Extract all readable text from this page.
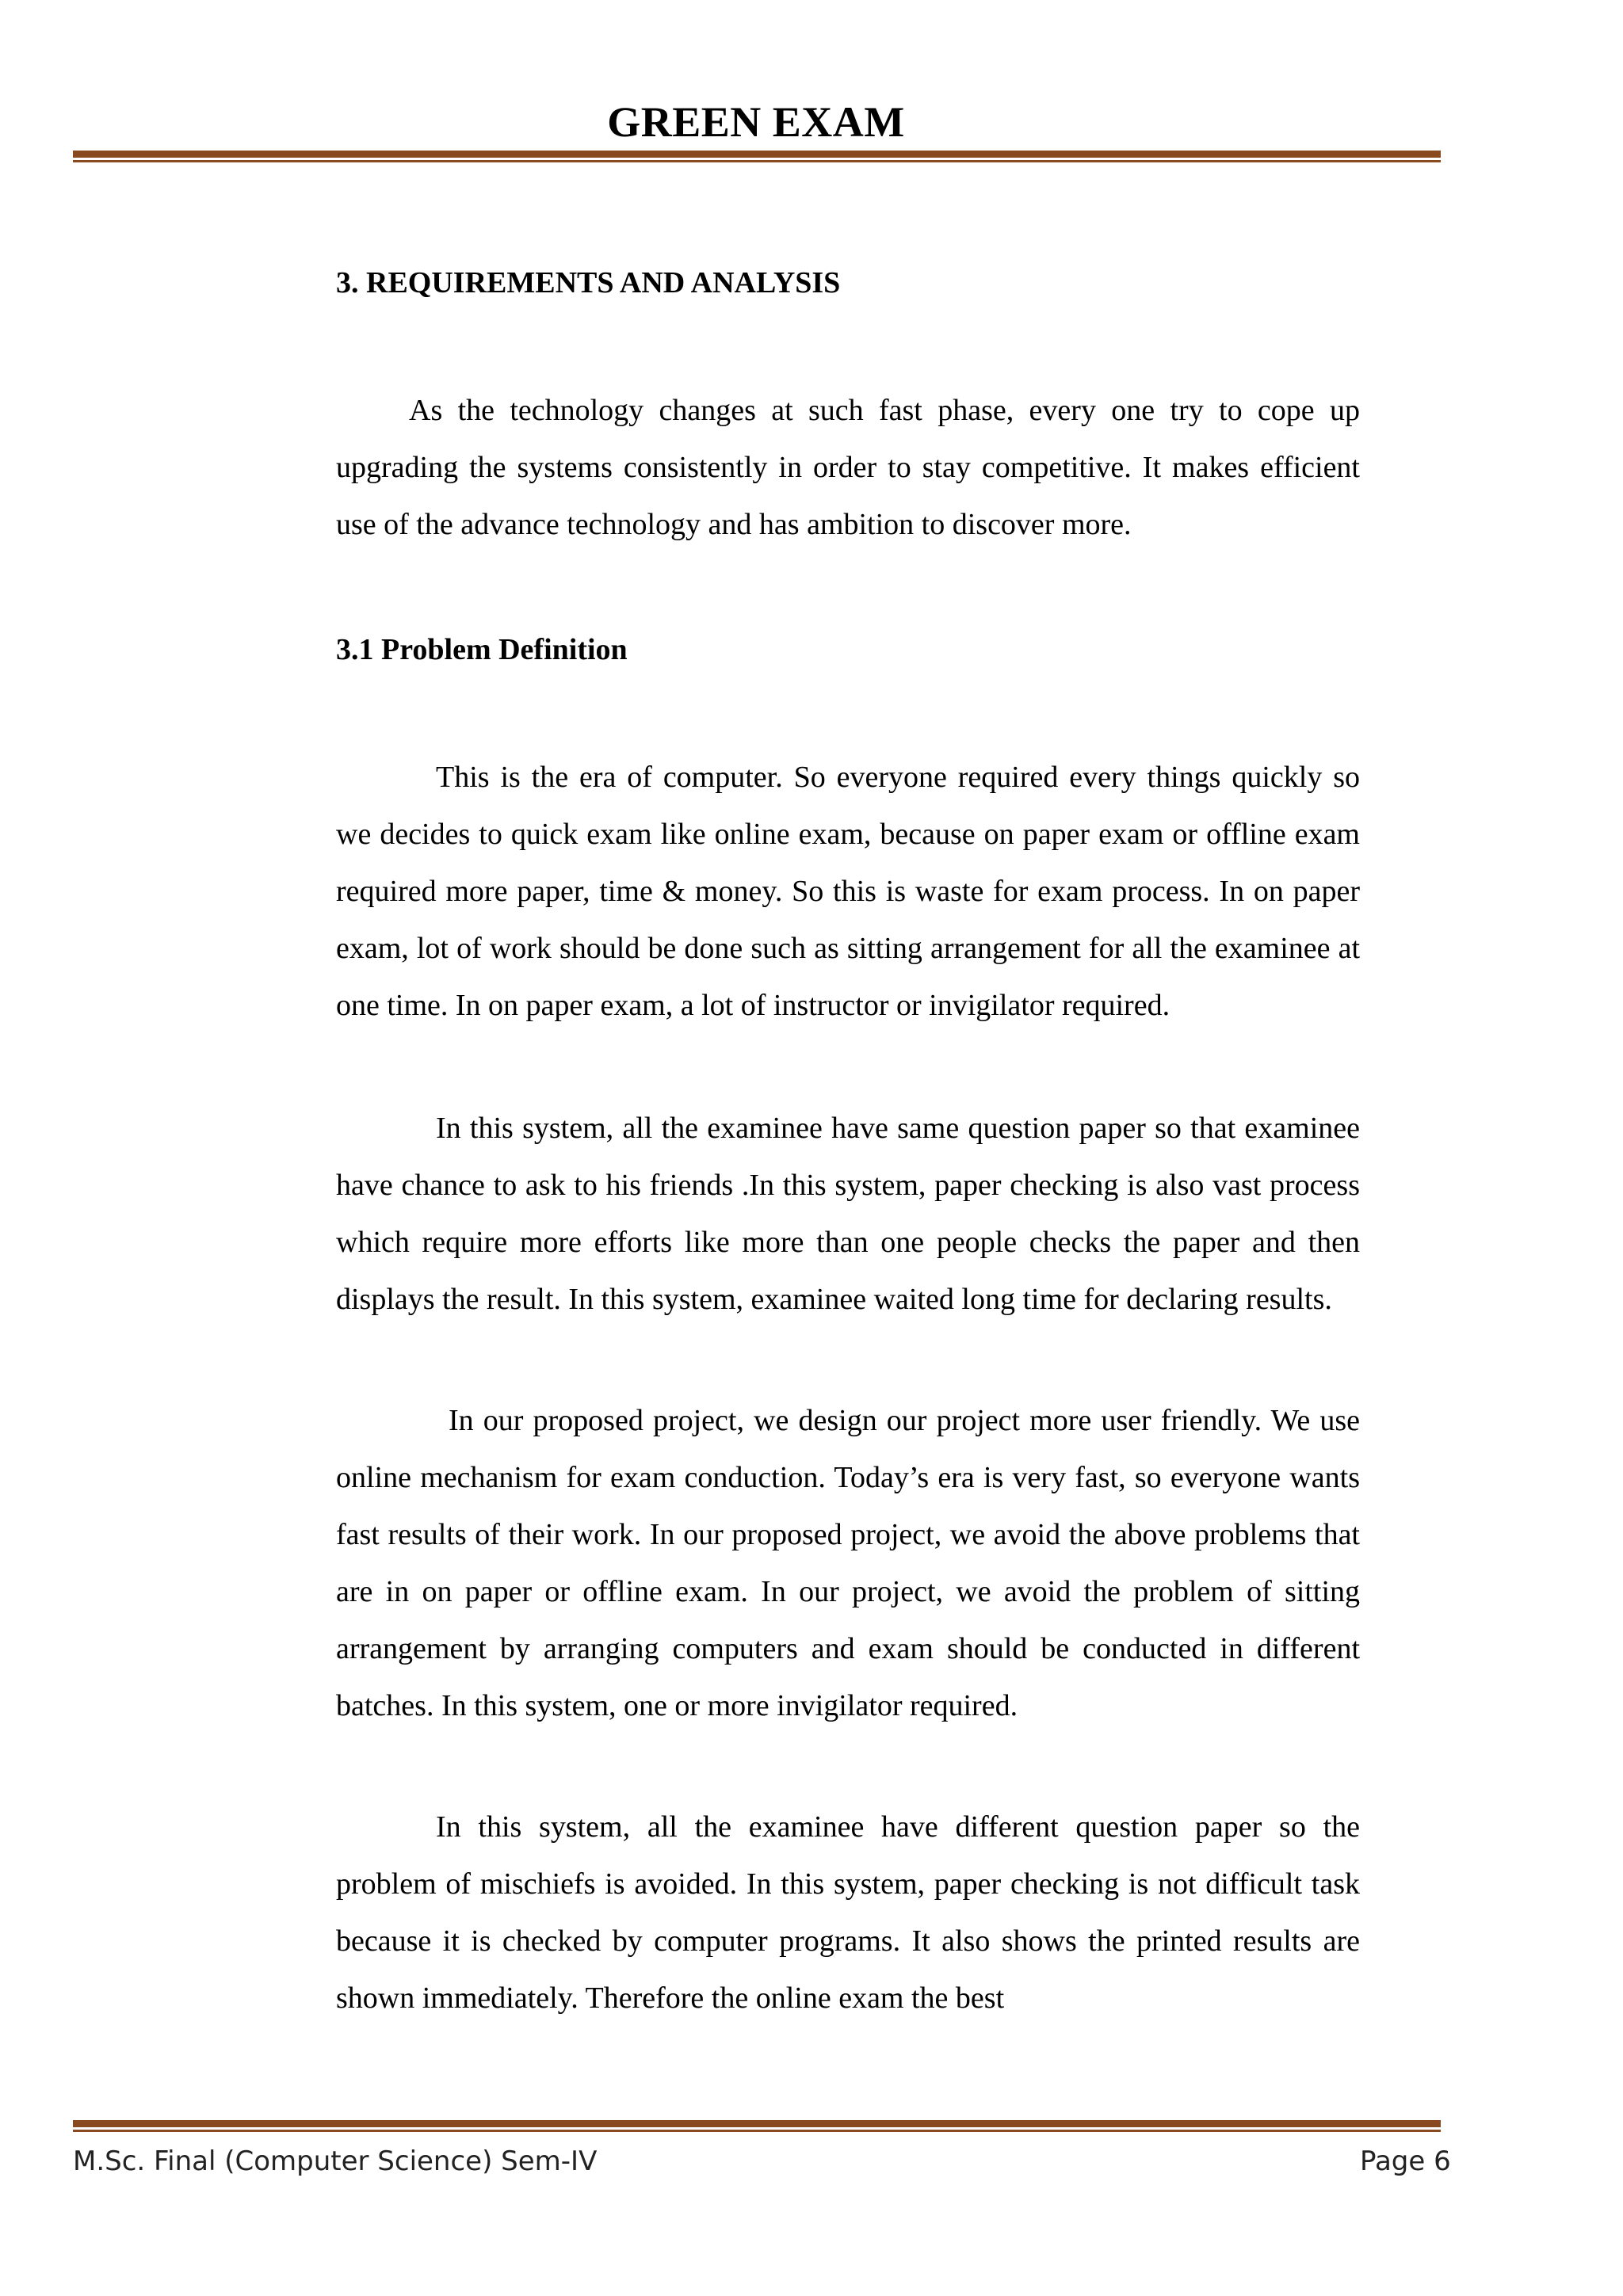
GREEN EXAM
3. REQUIREMENTS AND ANALYSIS

As the technology changes at such fast phase, every one try to cope up upgrading the systems consistently in order to stay competitive. It makes efficient use of the advance technology and has ambition to discover more.

3.1 Problem Definition

This is the era of computer. So everyone required every things quickly so we decides to quick exam like online exam, because on paper exam or offline exam required more paper, time & money. So this is waste for exam process. In on paper exam, lot of work should be done such as sitting arrangement for all the examinee at one time. In on paper exam, a lot of instructor or invigilator required.

In this system, all the examinee have same question paper so that examinee have chance to ask to his friends .In this system, paper checking is also vast process which require more efforts like more than one people checks the paper and then displays the result. In this system, examinee waited long time for declaring results.

In our proposed project, we design our project more user friendly. We use online mechanism for exam conduction. Today’s era is very fast, so everyone wants fast results of their work. In our proposed project, we avoid the above problems that are in on paper or offline exam. In our project, we avoid the problem of sitting arrangement by arranging computers and exam should be conducted in different batches. In this system, one or more invigilator required.

In this system, all the examinee have different question paper so the problem of mischiefs is avoided. In this system, paper checking is not difficult task because it is checked by computer programs. It also shows the printed results are shown immediately. Therefore the online exam the best

M.Sc. Final (Computer Science) Sem-IV	Page 6
